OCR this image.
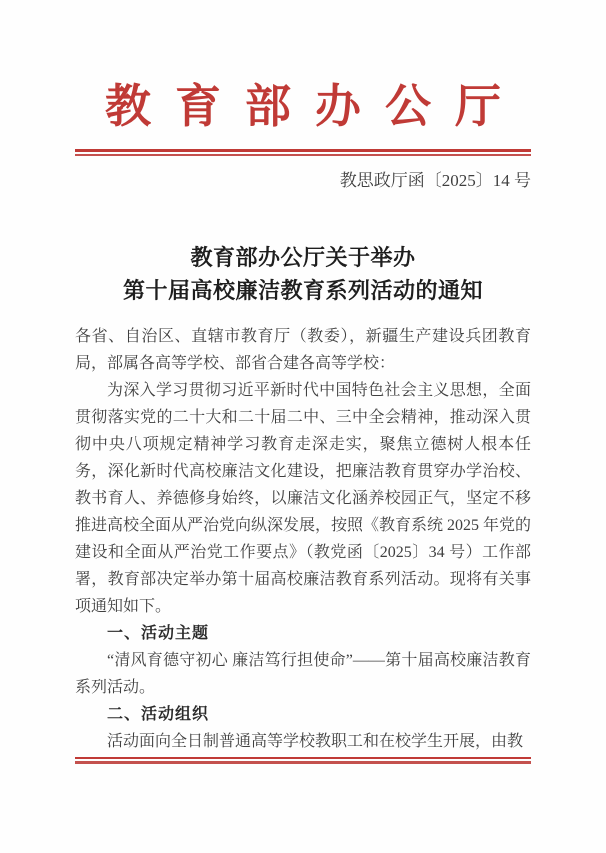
教育部办公厅
教思政厅函〔2025〕14 号
教育部办公厅关于举办
第十届高校廉洁教育系列活动的通知

各省、自治区、直辖市教育厅（教委），新疆生产建设兵团教育局，部属各高等学校、部省合建各高等学校：

为深入学习贯彻习近平新时代中国特色社会主义思想，全面贯彻落实党的二十大和二十届二中、三中全会精神，推动深入贯彻中央八项规定精神学习教育走深走实，聚焦立德树人根本任务，深化新时代高校廉洁文化建设，把廉洁教育贯穿办学治校、教书育人、养德修身始终，以廉洁文化涵养校园正气，坚定不移推进高校全面从严治党向纵深发展，按照《教育系统 2025 年党的建设和全面从严治党工作要点》（教党函〔2025〕34 号）工作部署，教育部决定举办第十届高校廉洁教育系列活动。现将有关事项通知如下。

一、活动主题

“清风育德守初心 廉洁笃行担使命”——第十届高校廉洁教育系列活动。

二、活动组织

活动面向全日制普通高等学校教职工和在校学生开展，由教
